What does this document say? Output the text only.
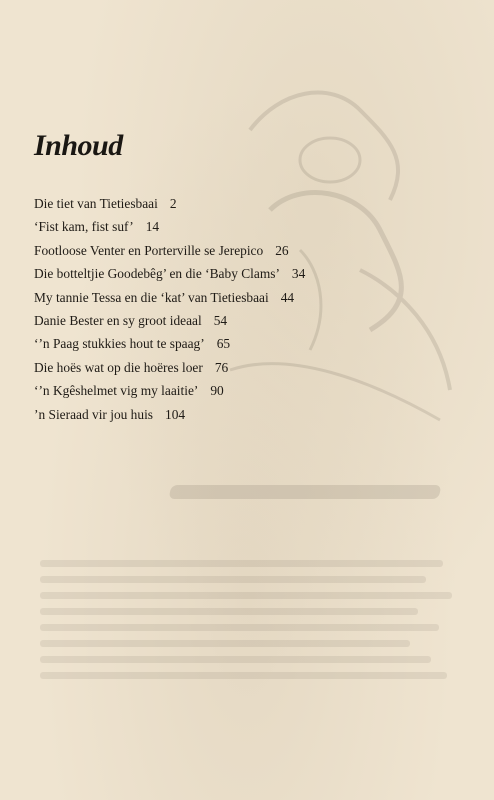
Inhoud
Die tiet van Tietiesbaai 2
‘Fist kam, fist suf’ 14
Footloose Venter en Porterville se Jerepico 26
Die botteltjie Goodebêg’ en die ‘Baby Clams’ 34
My tannie Tessa en die ‘kat’ van Tietiesbaai 44
Danie Bester en sy groot ideaal 54
‘’n Paag stukkies hout te spaag’ 65
Die hoës wat op die hoëres loer 76
‘’n Kgêshelmet vig my laaitie’ 90
’n Sieraad vir jou huis 104
